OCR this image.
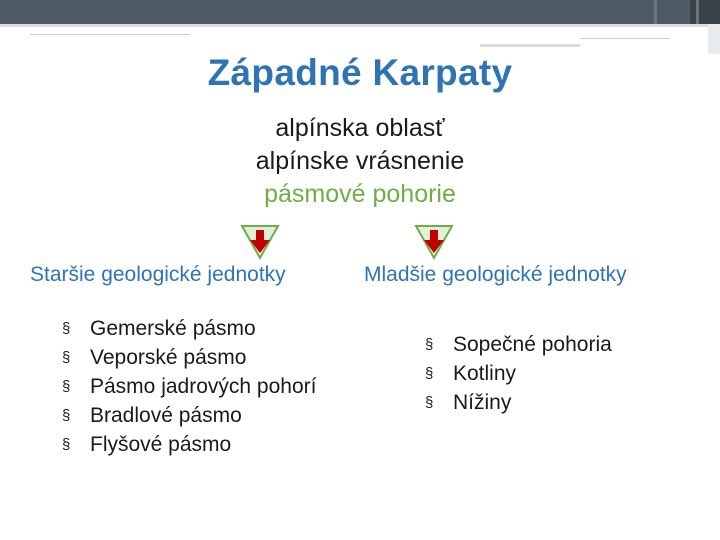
Západné Karpaty
alpínska oblasť
alpínske vrásnenie
pásmové pohorie
Staršie geologické jednotky	Mladšie geologické jednotky
§ Gemerské pásmo
§ Veporské pásmo
§ Pásmo jadrových pohorí
§ Bradlové pásmo
§ Flyšové pásmo
§ Sopečné pohoria
§ Kotliny
§ Nížiny
